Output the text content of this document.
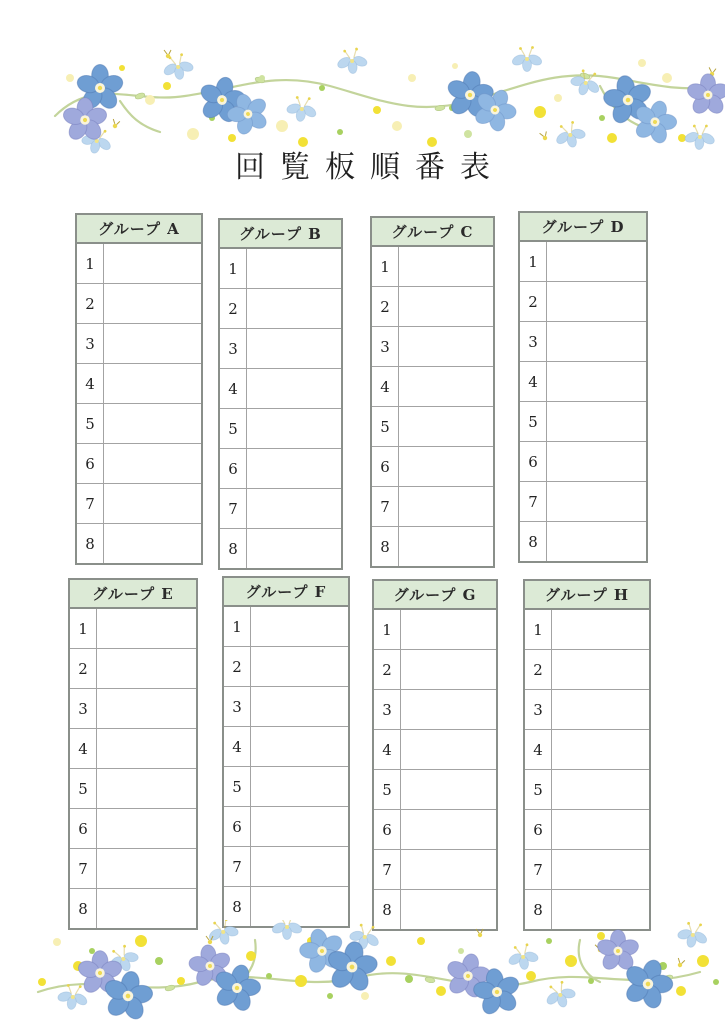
回覧板順番表
グループ A	
1	
2	
3	
4	
5	
6	
7	
8	
グループ B	
1	
2	
3	
4	
5	
6	
7	
8	
グループ C	
1	
2	
3	
4	
5	
6	
7	
8	
グループ D	
1	
2	
3	
4	
5	
6	
7	
8	
グループ E	
1	
2	
3	
4	
5	
6	
7	
8	
グループ F	
1	
2	
3	
4	
5	
6	
7	
8	
グループ G	
1	
2	
3	
4	
5	
6	
7	
8	
グループ H	
1	
2	
3	
4	
5	
6	
7	
8	
